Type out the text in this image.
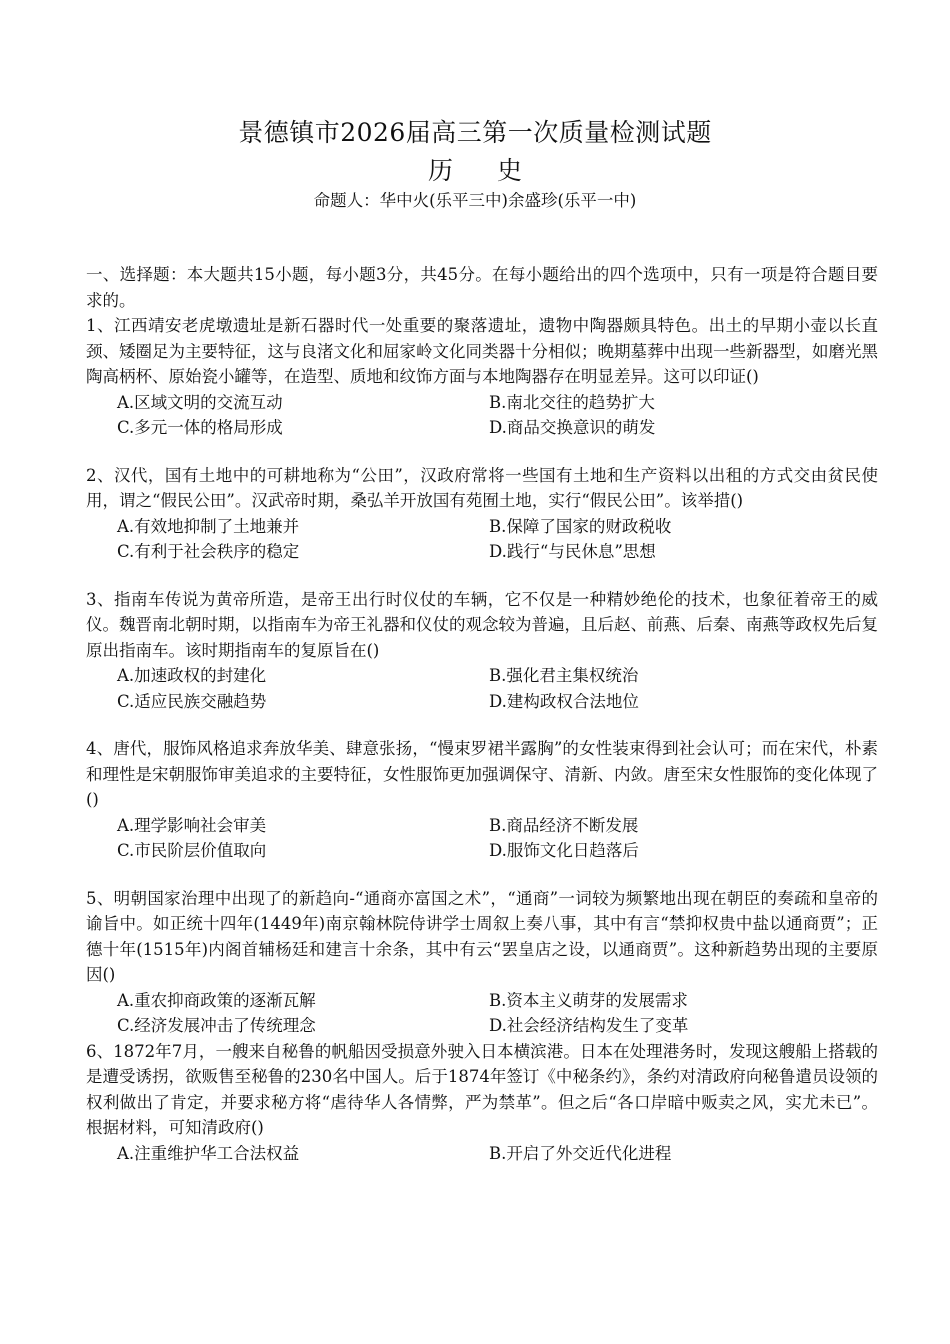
景德镇市2026届高三第一次质量检测试题
历史
命题人：华中火(乐平三中)余盛珍(乐平一中)

一、选择题：本大题共15小题，每小题3分，共45分。在每小题给出的四个选项中，只有一项是符合题目要求的。

1、江西靖安老虎墩遗址是新石器时代一处重要的聚落遗址，遗物中陶器颇具特色。出土的早期小壶以长直颈、矮圈足为主要特征，这与良渚文化和屈家岭文化同类器十分相似；晚期墓葬中出现一些新器型，如磨光黑陶高柄杯、原始瓷小罐等，在造型、质地和纹饰方面与本地陶器存在明显差异。这可以印证()

A.区域文明的交流互动	B.南北交往的趋势扩大

C.多元一体的格局形成	D.商品交换意识的萌发

2、汉代，国有土地中的可耕地称为“公田”，汉政府常将一些国有土地和生产资料以出租的方式交由贫民使用，谓之“假民公田”。汉武帝时期，桑弘羊开放国有苑囿土地，实行“假民公田”。该举措()

A.有效地抑制了土地兼并	B.保障了国家的财政税收

C.有利于社会秩序的稳定	D.践行“与民休息”思想

3、指南车传说为黄帝所造，是帝王出行时仪仗的车辆，它不仅是一种精妙绝伦的技术，也象征着帝王的威仪。魏晋南北朝时期，以指南车为帝王礼器和仪仗的观念较为普遍，且后赵、前燕、后秦、南燕等政权先后复原出指南车。该时期指南车的复原旨在()

A.加速政权的封建化	B.强化君主集权统治

C.适应民族交融趋势	D.建构政权合法地位

4、唐代，服饰风格追求奔放华美、肆意张扬，“慢束罗裙半露胸”的女性装束得到社会认可；而在宋代，朴素和理性是宋朝服饰审美追求的主要特征，女性服饰更加强调保守、清新、内敛。唐至宋女性服饰的变化体现了()

A.理学影响社会审美	B.商品经济不断发展

C.市民阶层价值取向	D.服饰文化日趋落后

5、明朝国家治理中出现了的新趋向-“通商亦富国之术”，“通商”一词较为频繁地出现在朝臣的奏疏和皇帝的谕旨中。如正统十四年(1449年)南京翰林院侍讲学士周叙上奏八事，其中有言“禁抑权贵中盐以通商贾”；正德十年(1515年)内阁首辅杨廷和建言十余条，其中有云“罢皇店之设，以通商贾”。这种新趋势出现的主要原因()

A.重农抑商政策的逐渐瓦解	B.资本主义萌芽的发展需求

C.经济发展冲击了传统理念	D.社会经济结构发生了变革

6、1872年7月，一艘来自秘鲁的帆船因受损意外驶入日本横滨港。日本在处理港务时，发现这艘船上搭载的是遭受诱拐，欲贩售至秘鲁的230名中国人。后于1874年签订《中秘条约》，条约对清政府向秘鲁遣员设领的权利做出了肯定，并要求秘方将“虐待华人各情弊，严为禁革”。但之后“各口岸暗中贩卖之风，实尤未已”。根据材料，可知清政府()

A.注重维护华工合法权益	B.开启了外交近代化进程
